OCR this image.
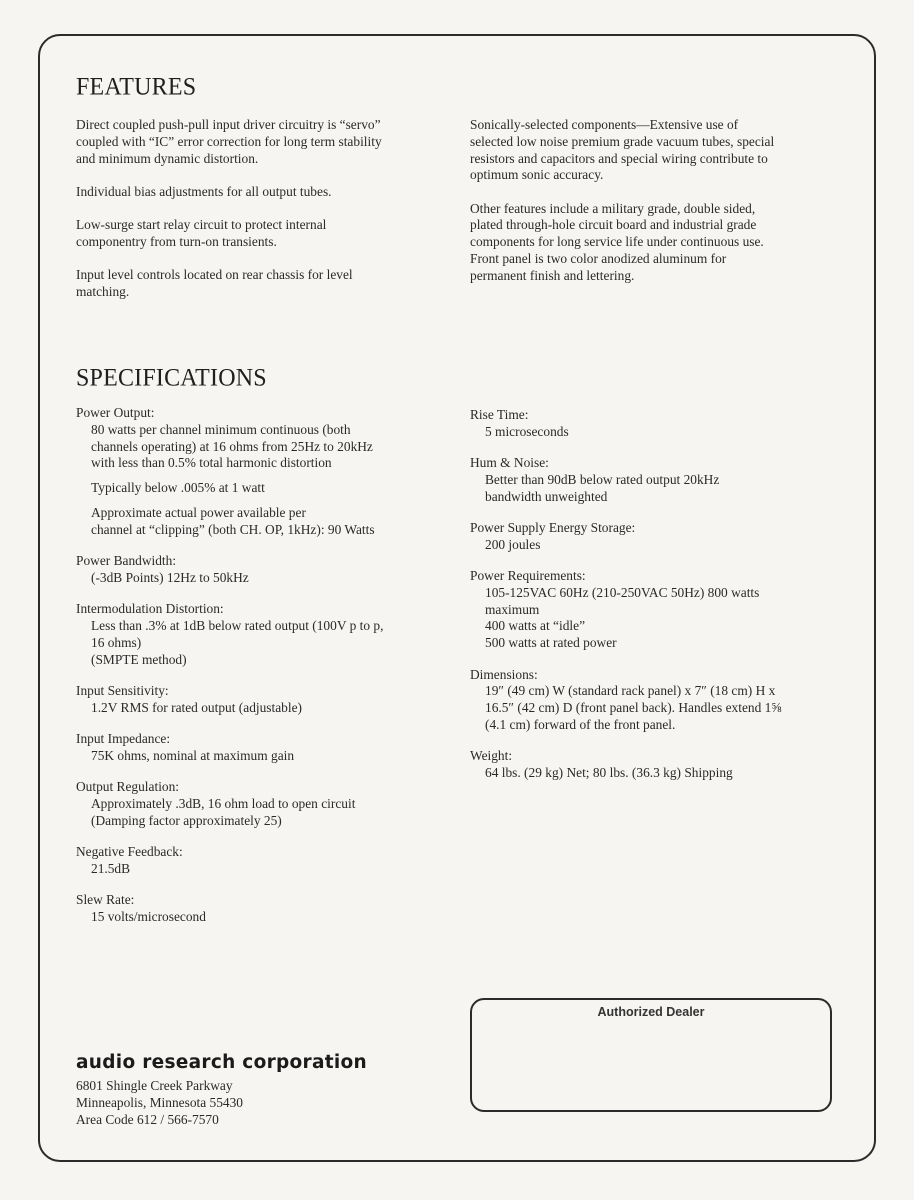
FEATURES

Direct coupled push-pull input driver circuitry is “servo”
coupled with “IC” error correction for long term stability
and minimum dynamic distortion.

Individual bias adjustments for all output tubes.

Low-surge start relay circuit to protect internal
componentry from turn-on transients.

Input level controls located on rear chassis for level
matching.

Sonically-selected components—Extensive use of
selected low noise premium grade vacuum tubes, special
resistors and capacitors and special wiring contribute to
optimum sonic accuracy.

Other features include a military grade, double sided,
plated through-hole circuit board and industrial grade
components for long service life under continuous use.
Front panel is two color anodized aluminum for
permanent finish and lettering.

SPECIFICATIONS
Power Output:
80 watts per channel minimum continuous (both
channels operating) at 16 ohms from 25Hz to 20kHz
with less than 0.5% total harmonic distortion
Typically below .005% at 1 watt
Approximate actual power available per
channel at “clipping” (both CH. OP, 1kHz): 90 Watts
Power Bandwidth:
(-3dB Points) 12Hz to 50kHz
Intermodulation Distortion:
Less than .3% at 1dB below rated output (100V p to p,
16 ohms)
(SMPTE method)
Input Sensitivity:
1.2V RMS for rated output (adjustable)
Input Impedance:
75K ohms, nominal at maximum gain
Output Regulation:
Approximately .3dB, 16 ohm load to open circuit
(Damping factor approximately 25)
Negative Feedback:
21.5dB
Slew Rate:
15 volts/microsecond
Rise Time:
5 microseconds
Hum & Noise:
Better than 90dB below rated output 20kHz
bandwidth unweighted
Power Supply Energy Storage:
200 joules
Power Requirements:
105-125VAC 60Hz (210-250VAC 50Hz) 800 watts
maximum
400 watts at “idle”
500 watts at rated power
Dimensions:
19″ (49 cm) W (standard rack panel) x 7″ (18 cm) H x
16.5″ (42 cm) D (front panel back). Handles extend 1⅝
(4.1 cm) forward of the front panel.
Weight:
64 lbs. (29 kg) Net; 80 lbs. (36.3 kg) Shipping
Authorized Dealer
audio research corporation
6801 Shingle Creek Parkway
Minneapolis, Minnesota 55430
Area Code 612 / 566-7570
